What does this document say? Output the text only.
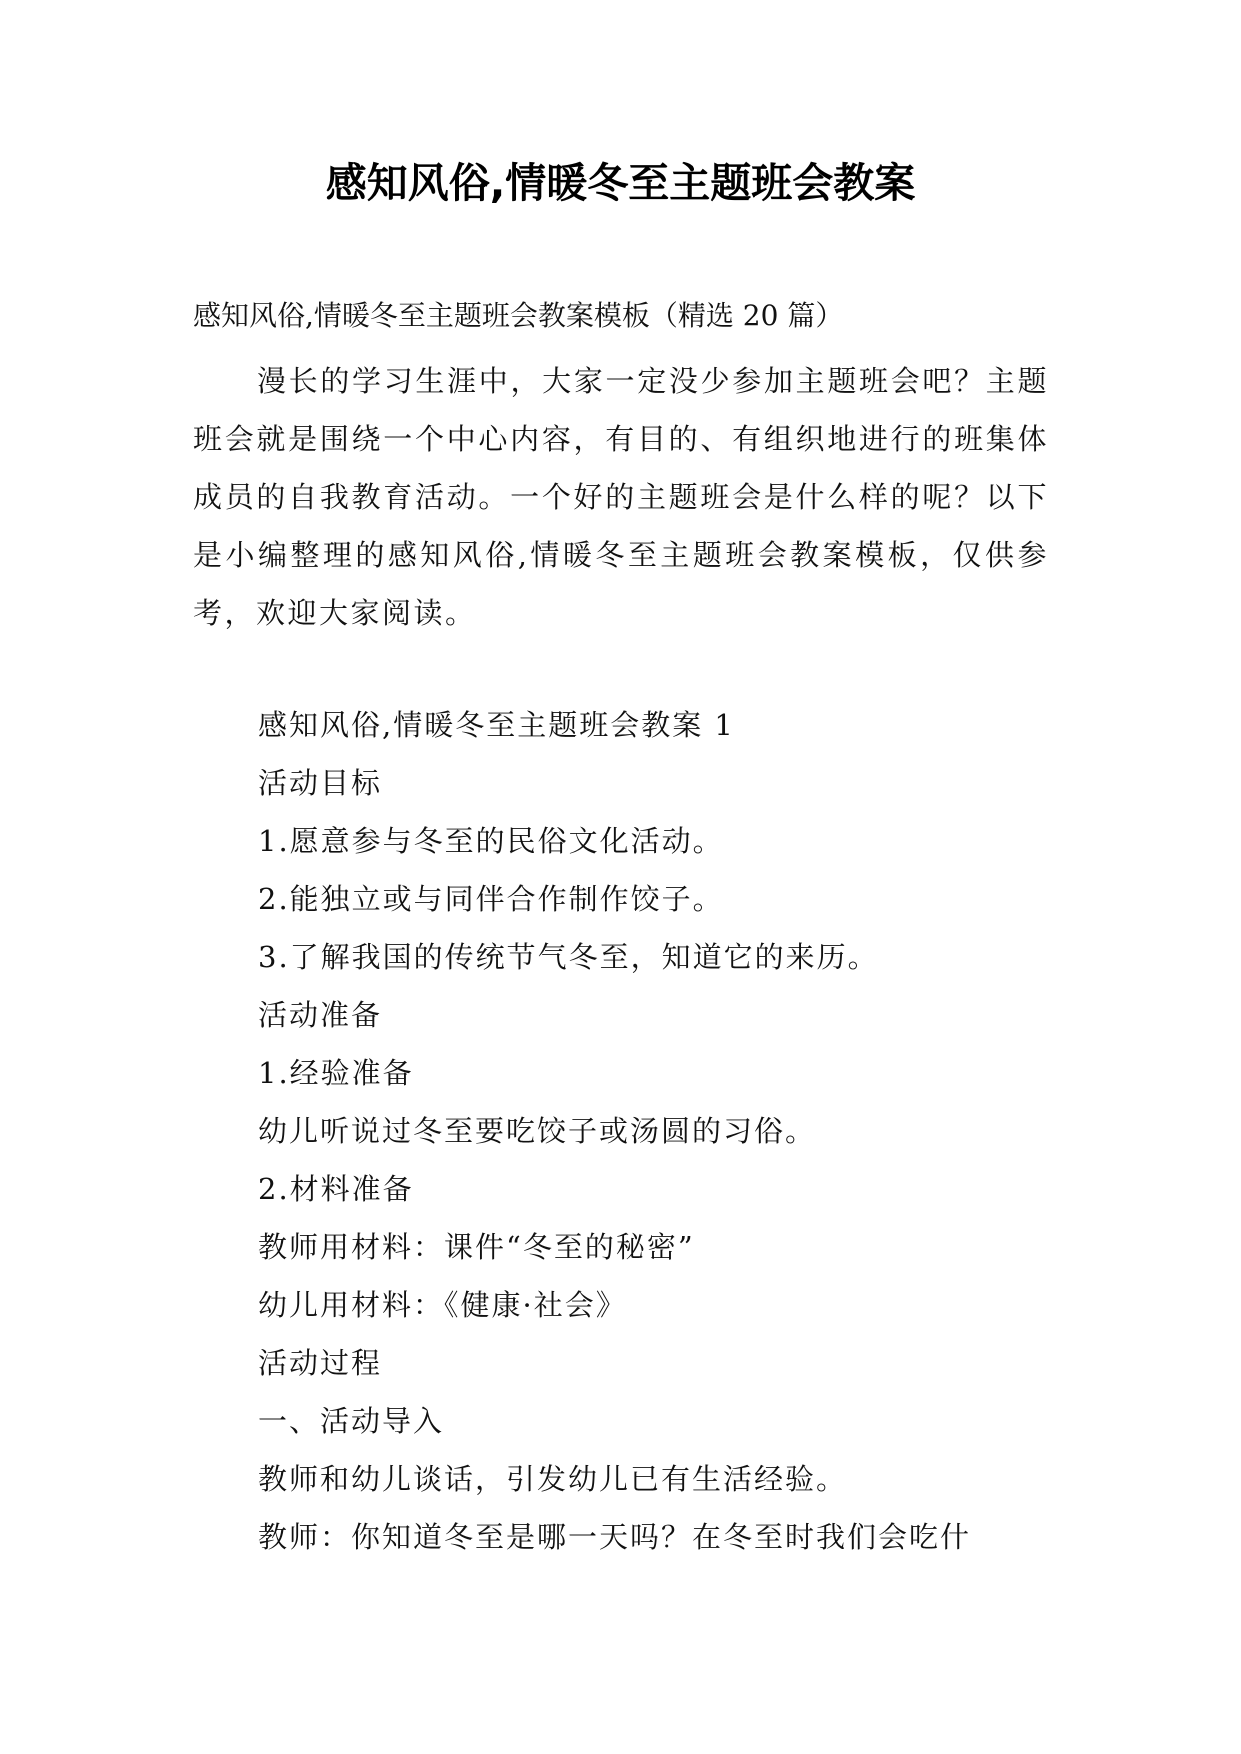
感知风俗,情暖冬至主题班会教案
感知风俗,情暖冬至主题班会教案模板（精选 20 篇）
漫长的学习生涯中，大家一定没少参加主题班会吧？主题班会就是围绕一个中心内容，有目的、有组织地进行的班集体成员的自我教育活动。一个好的主题班会是什么样的呢？以下是小编整理的感知风俗,情暖冬至主题班会教案模板，仅供参考，欢迎大家阅读。
感知风俗,情暖冬至主题班会教案 1
活动目标
1.愿意参与冬至的民俗文化活动。
2.能独立或与同伴合作制作饺子。
3.了解我国的传统节气冬至，知道它的来历。
活动准备
1.经验准备
幼儿听说过冬至要吃饺子或汤圆的习俗。
2.材料准备
教师用材料：课件“冬至的秘密”
幼儿用材料：《健康·社会》
活动过程
一、活动导入
教师和幼儿谈话，引发幼儿已有生活经验。
教师：你知道冬至是哪一天吗？在冬至时我们会吃什
